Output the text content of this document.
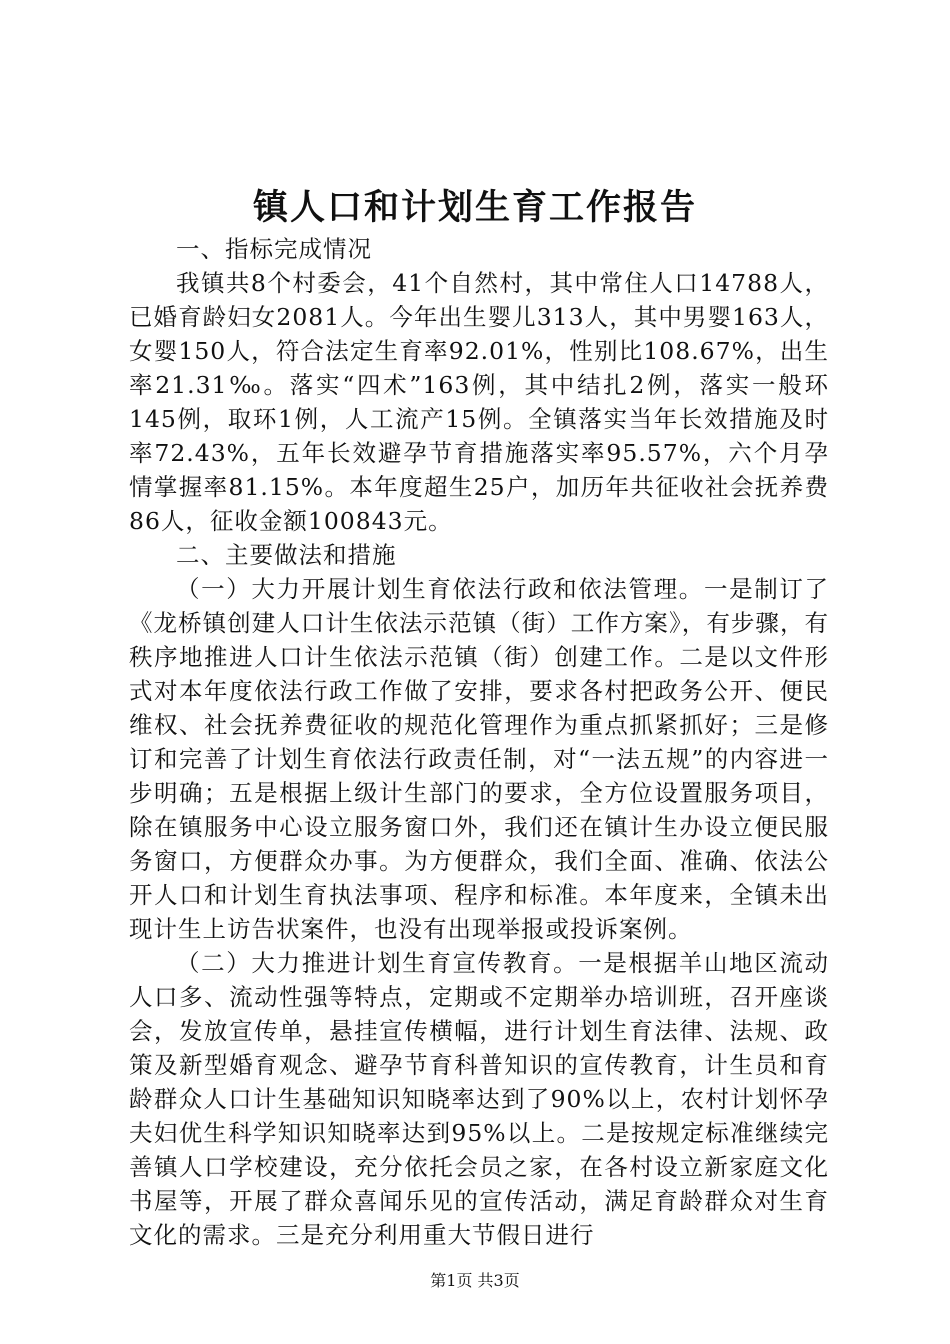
镇人口和计划生育工作报告

一、指标完成情况

我镇共8个村委会，41个自然村，其中常住人口14788人，已婚育龄妇女2081人。今年出生婴儿313人，其中男婴163人，女婴150人，符合法定生育率92.01%，性别比108.67%，出生率21.31‰。落实“四术”163例，其中结扎2例，落实一般环145例，取环1例，人工流产15例。全镇落实当年长效措施及时率72.43%，五年长效避孕节育措施落实率95.57%，六个月孕情掌握率81.15%。本年度超生25户，加历年共征收社会抚养费86人，征收金额100843元。

二、主要做法和措施

（一）大力开展计划生育依法行政和依法管理。一是制订了《龙桥镇创建人口计生依法示范镇（街）工作方案》，有步骤，有秩序地推进人口计生依法示范镇（街）创建工作。二是以文件形式对本年度依法行政工作做了安排，要求各村把政务公开、便民维权、社会抚养费征收的规范化管理作为重点抓紧抓好；三是修订和完善了计划生育依法行政责任制，对“一法五规”的内容进一步明确；五是根据上级计生部门的要求，全方位设置服务项目，除在镇服务中心设立服务窗口外，我们还在镇计生办设立便民服务窗口，方便群众办事。为方便群众，我们全面、准确、依法公开人口和计划生育执法事项、程序和标准。本年度来，全镇未出现计生上访告状案件，也没有出现举报或投诉案例。

（二）大力推进计划生育宣传教育。一是根据羊山地区流动人口多、流动性强等特点，定期或不定期举办培训班，召开座谈会，发放宣传单，悬挂宣传横幅，进行计划生育法律、法规、政策及新型婚育观念、避孕节育科普知识的宣传教育，计生员和育龄群众人口计生基础知识知晓率达到了90%以上，农村计划怀孕夫妇优生科学知识知晓率达到95%以上。二是按规定标准继续完善镇人口学校建设，充分依托会员之家，在各村设立新家庭文化书屋等，开展了群众喜闻乐见的宣传活动，满足育龄群众对生育文化的需求。三是充分利用重大节假日进行

第1页 共3页
